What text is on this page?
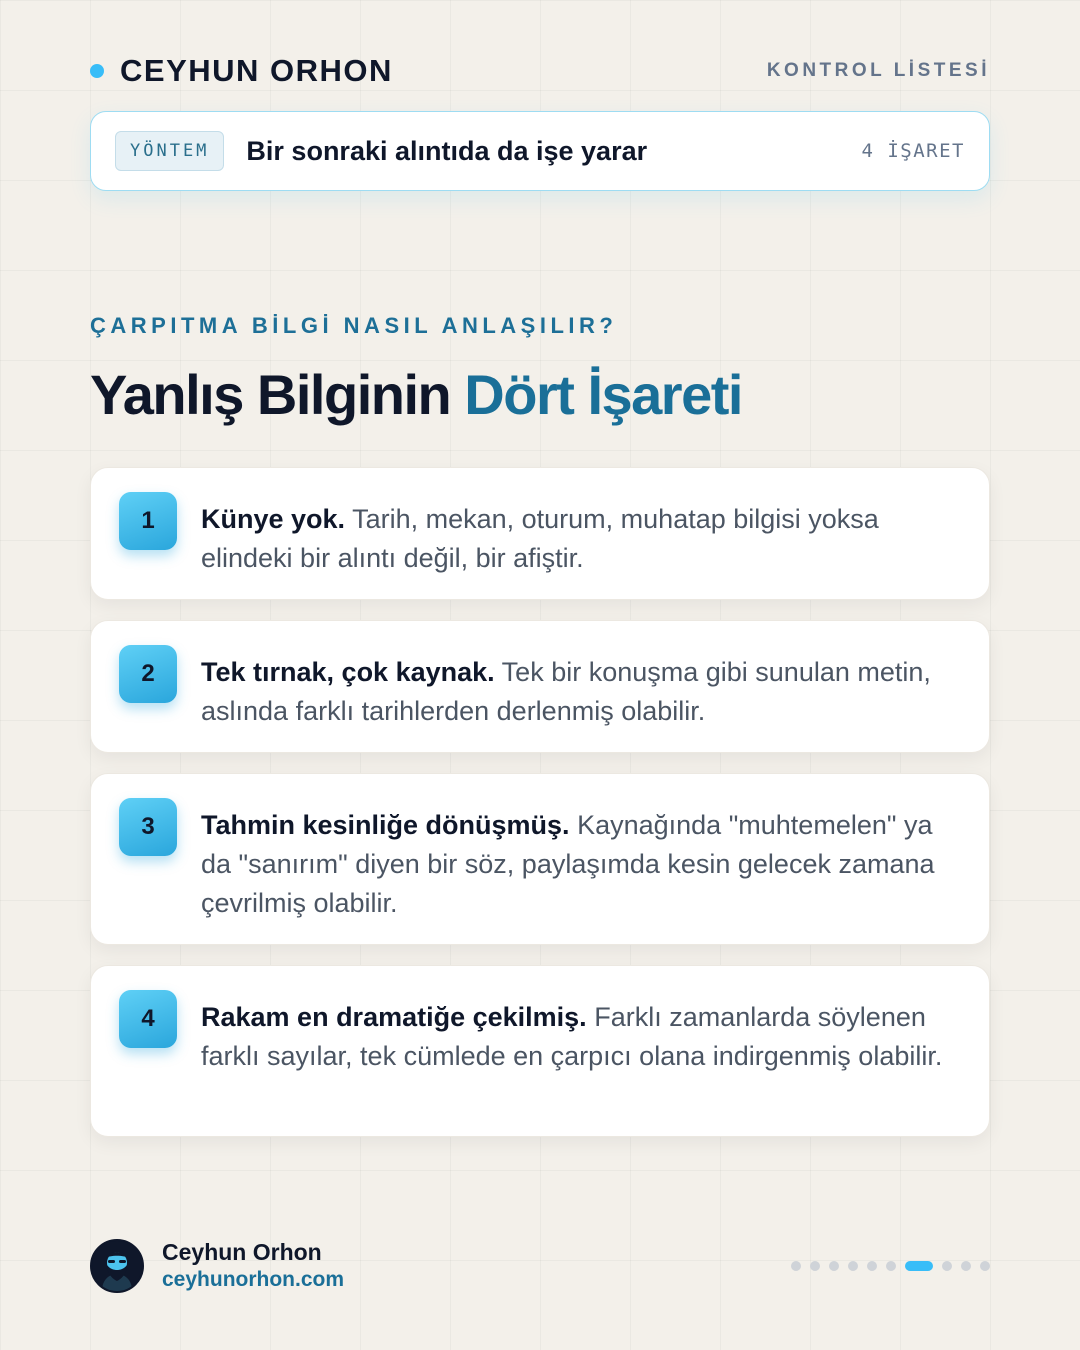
CEYHUN ORHON	KONTROL LİSTESİ
YÖNTEM	Bir sonraki alıntıda da işe yarar	4 İŞARET
ÇARPITMA BİLGİ NASIL ANLAŞILIR?
Yanlış Bilginin Dört İşareti
1	Künye yok. Tarih, mekan, oturum, muhatap bilgisi yoksa elindeki bir alıntı değil, bir afiştir.

2	Tek tırnak, çok kaynak. Tek bir konuşma gibi sunulan metin, aslında farklı tarihlerden derlenmiş olabilir.

3	Tahmin kesinliğe dönüşmüş. Kaynağında "muhtemelen" ya da "sanırım" diyen bir söz, paylaşımda kesin gelecek zamana çevrilmiş olabilir.

4	Rakam en dramatiğe çekilmiş. Farklı zamanlarda söylenen farklı sayılar, tek cümlede en çarpıcı olana indirgenmiş olabilir.

Ceyhun Orhon
ceyhunorhon.com
